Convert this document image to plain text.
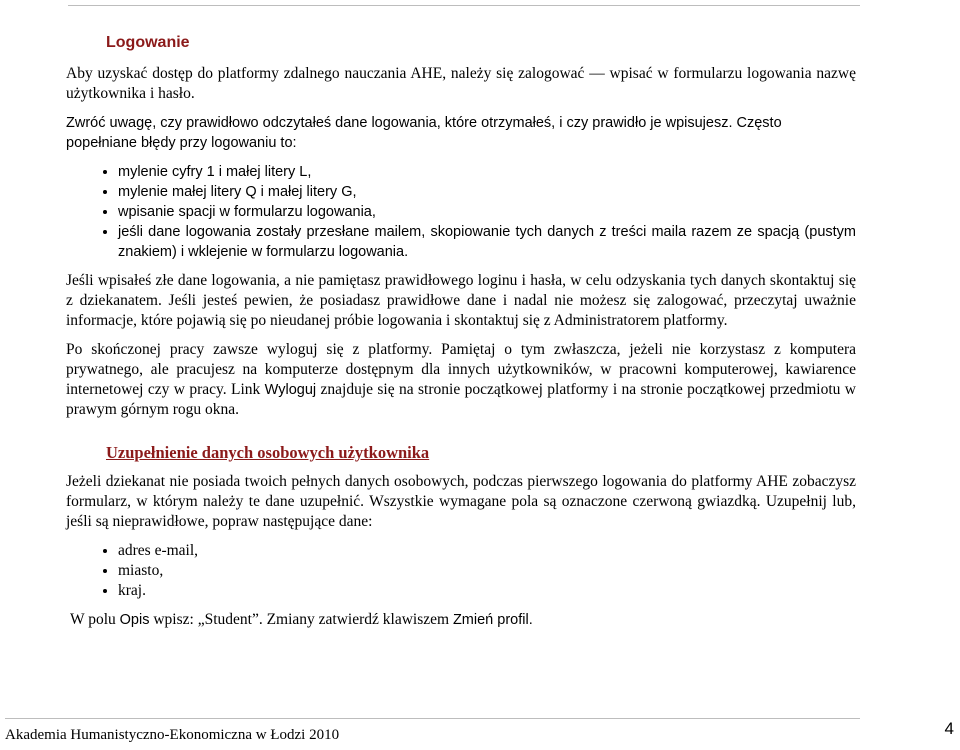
Logowanie

Aby uzyskać dostęp do platformy zdalnego nauczania AHE, należy się zalogować — wpisać w formularzu logowania nazwę użytkownika i hasło.

Zwróć uwagę, czy prawidłowo odczytałeś dane logowania, które otrzymałeś, i czy prawidło je wpisujesz. Często popełniane błędy przy logowaniu to:

• mylenie cyfry 1 i małej litery L,
• mylenie małej litery Q i małej litery G,
• wpisanie spacji w formularzu logowania,
• jeśli dane logowania zostały przesłane mailem, skopiowanie tych danych z treści maila razem ze spacją (pustym znakiem) i wklejenie w formularzu logowania.

Jeśli wpisałeś złe dane logowania, a nie pamiętasz prawidłowego loginu i hasła, w celu odzyskania tych danych skontaktuj się z dziekanatem. Jeśli jesteś pewien, że posiadasz prawidłowe dane i nadal nie możesz się zalogować, przeczytaj uważnie informacje, które pojawią się po nieudanej próbie logowania i skontaktuj się z Administratorem platformy.

Po skończonej pracy zawsze wyloguj się z platformy. Pamiętaj o tym zwłaszcza, jeżeli nie korzystasz z komputera prywatnego, ale pracujesz na komputerze dostępnym dla innych użytkowników, w pracowni komputerowej, kawiarence internetowej czy w pracy. Link Wyloguj znajduje się na stronie początkowej platformy i na stronie początkowej przedmiotu w prawym górnym rogu okna.

Uzupełnienie danych osobowych użytkownika

Jeżeli dziekanat nie posiada twoich pełnych danych osobowych, podczas pierwszego logowania do platformy AHE zobaczysz formularz, w którym należy te dane uzupełnić. Wszystkie wymagane pola są oznaczone czerwoną gwiazdką. Uzupełnij lub, jeśli są nieprawidłowe, popraw następujące dane:

• adres e-mail,
• miasto,
• kraj.

W polu Opis wpisz: „Student”. Zmiany zatwierdź klawiszem Zmień profil.

Akademia Humanistyczno-Ekonomiczna w Łodzi 2010	4
